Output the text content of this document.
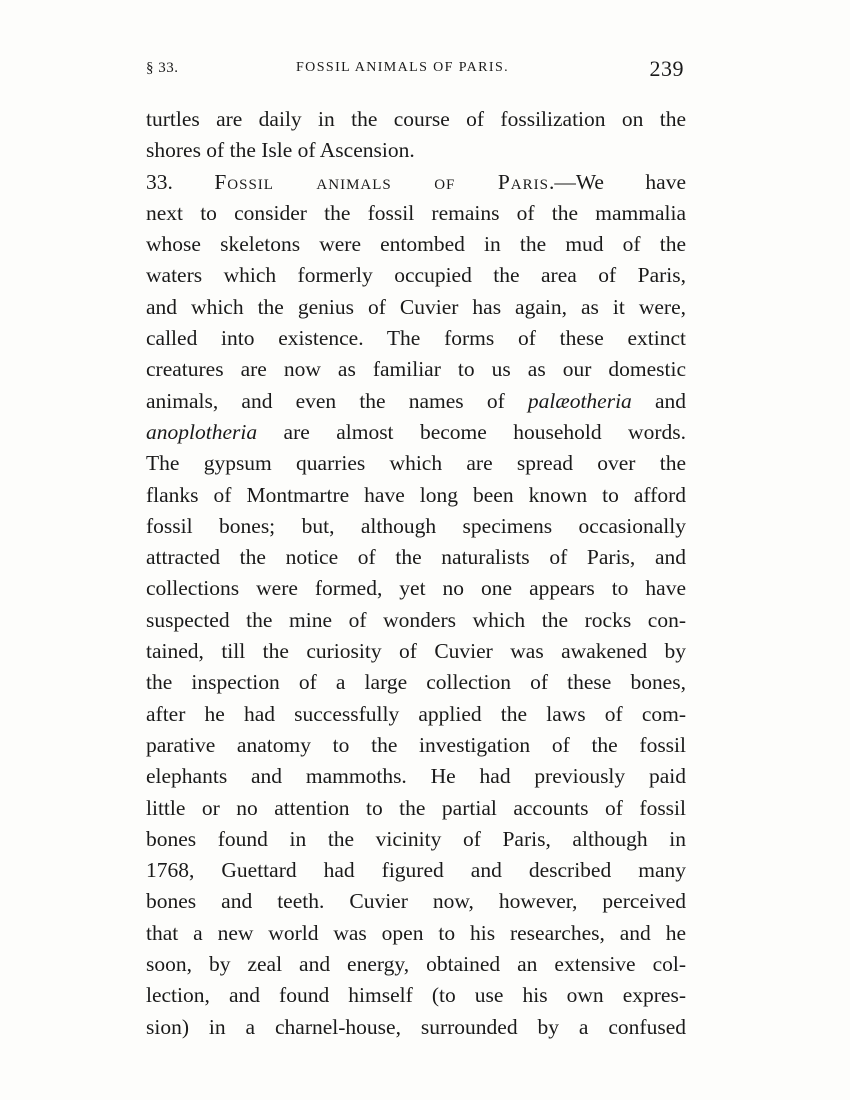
§ 33.	FOSSIL ANIMALS OF PARIS.	239
turtles are daily in the course of fossilization on the
shores of the Isle of Ascension.
33. Fossil animals of Paris.—We have
next to consider the fossil remains of the mammalia
whose skeletons were entombed in the mud of the
waters which formerly occupied the area of Paris,
and which the genius of Cuvier has again, as it were,
called into existence. The forms of these extinct
creatures are now as familiar to us as our domestic
animals, and even the names of palæotheria and
anoplotheria are almost become household words.
The gypsum quarries which are spread over the
flanks of Montmartre have long been known to afford
fossil bones; but, although specimens occasionally
attracted the notice of the naturalists of Paris, and
collections were formed, yet no one appears to have
suspected the mine of wonders which the rocks con-
tained, till the curiosity of Cuvier was awakened by
the inspection of a large collection of these bones,
after he had successfully applied the laws of com-
parative anatomy to the investigation of the fossil
elephants and mammoths. He had previously paid
little or no attention to the partial accounts of fossil
bones found in the vicinity of Paris, although in
1768, Guettard had figured and described many
bones and teeth. Cuvier now, however, perceived
that a new world was open to his researches, and he
soon, by zeal and energy, obtained an extensive col-
lection, and found himself (to use his own expres-
sion) in a charnel-house, surrounded by a confused
